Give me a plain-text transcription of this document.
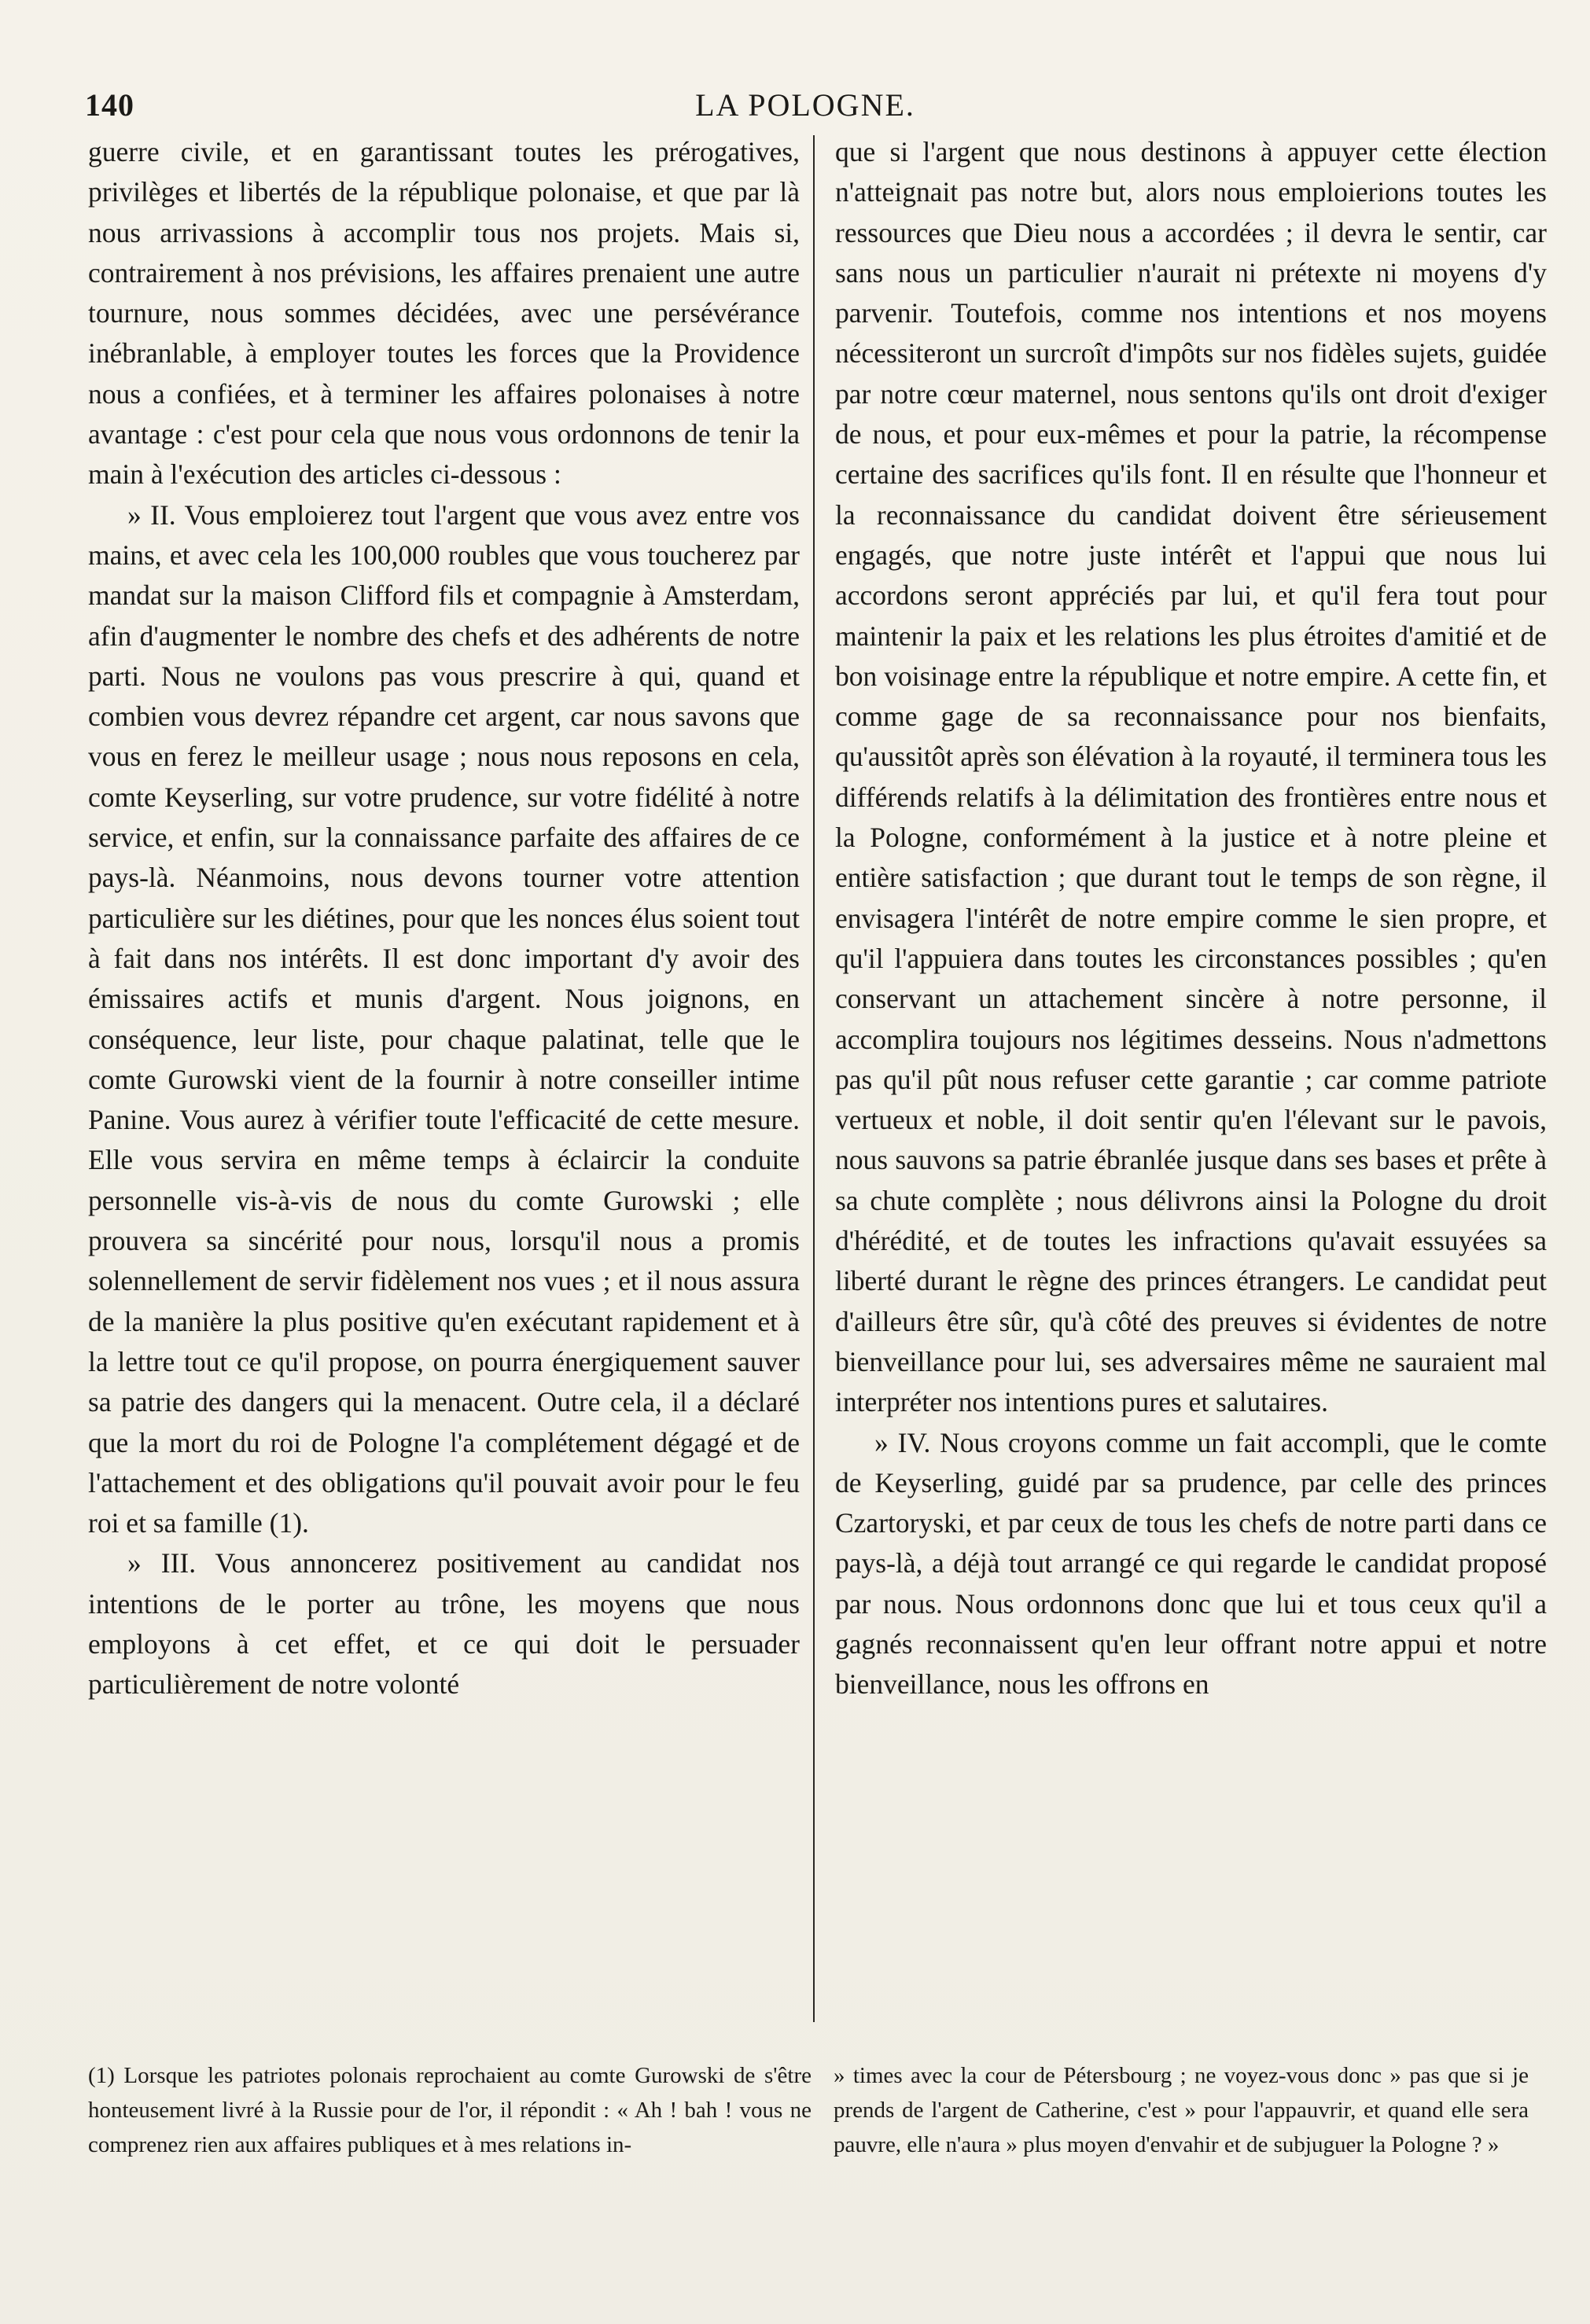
140	LA POLOGNE.

guerre civile, et en garantissant toutes les prérogatives, privilèges et libertés de la république polonaise, et que par là nous arrivassions à accomplir tous nos projets. Mais si, contrairement à nos prévisions, les affaires prenaient une autre tournure, nous sommes décidées, avec une persévérance inébranlable, à employer toutes les forces que la Providence nous a confiées, et à terminer les affaires polonaises à notre avantage : c'est pour cela que nous vous ordonnons de tenir la main à l'exécution des articles ci-dessous :

» II. Vous emploierez tout l'argent que vous avez entre vos mains, et avec cela les 100,000 roubles que vous toucherez par mandat sur la maison Clifford fils et compagnie à Amsterdam, afin d'augmenter le nombre des chefs et des adhérents de notre parti. Nous ne voulons pas vous prescrire à qui, quand et combien vous devrez répandre cet argent, car nous savons que vous en ferez le meilleur usage ; nous nous reposons en cela, comte Keyserling, sur votre prudence, sur votre fidélité à notre service, et enfin, sur la connaissance parfaite des affaires de ce pays-là. Néanmoins, nous devons tourner votre attention particulière sur les diétines, pour que les nonces élus soient tout à fait dans nos intérêts. Il est donc important d'y avoir des émissaires actifs et munis d'argent. Nous joignons, en conséquence, leur liste, pour chaque palatinat, telle que le comte Gurowski vient de la fournir à notre conseiller intime Panine. Vous aurez à vérifier toute l'efficacité de cette mesure. Elle vous servira en même temps à éclaircir la conduite personnelle vis-à-vis de nous du comte Gurowski ; elle prouvera sa sincérité pour nous, lorsqu'il nous a promis solennellement de servir fidèlement nos vues ; et il nous assura de la manière la plus positive qu'en exécutant rapidement et à la lettre tout ce qu'il propose, on pourra énergiquement sauver sa patrie des dangers qui la menacent. Outre cela, il a déclaré que la mort du roi de Pologne l'a complétement dégagé et de l'attachement et des obligations qu'il pouvait avoir pour le feu roi et sa famille (1).

» III. Vous annoncerez positivement au candidat nos intentions de le porter au trône, les moyens que nous employons à cet effet, et ce qui doit le persuader particulièrement de notre volonté

que si l'argent que nous destinons à appuyer cette élection n'atteignait pas notre but, alors nous emploierions toutes les ressources que Dieu nous a accordées ; il devra le sentir, car sans nous un particulier n'aurait ni prétexte ni moyens d'y parvenir. Toutefois, comme nos intentions et nos moyens nécessiteront un surcroît d'impôts sur nos fidèles sujets, guidée par notre cœur maternel, nous sentons qu'ils ont droit d'exiger de nous, et pour eux-mêmes et pour la patrie, la récompense certaine des sacrifices qu'ils font. Il en résulte que l'honneur et la reconnaissance du candidat doivent être sérieusement engagés, que notre juste intérêt et l'appui que nous lui accordons seront appréciés par lui, et qu'il fera tout pour maintenir la paix et les relations les plus étroites d'amitié et de bon voisinage entre la république et notre empire. A cette fin, et comme gage de sa reconnaissance pour nos bienfaits, qu'aussitôt après son élévation à la royauté, il terminera tous les différends relatifs à la délimitation des frontières entre nous et la Pologne, conformément à la justice et à notre pleine et entière satisfaction ; que durant tout le temps de son règne, il envisagera l'intérêt de notre empire comme le sien propre, et qu'il l'appuiera dans toutes les circonstances possibles ; qu'en conservant un attachement sincère à notre personne, il accomplira toujours nos légitimes desseins. Nous n'admettons pas qu'il pût nous refuser cette garantie ; car comme patriote vertueux et noble, il doit sentir qu'en l'élevant sur le pavois, nous sauvons sa patrie ébranlée jusque dans ses bases et prête à sa chute complète ; nous délivrons ainsi la Pologne du droit d'hérédité, et de toutes les infractions qu'avait essuyées sa liberté durant le règne des princes étrangers. Le candidat peut d'ailleurs être sûr, qu'à côté des preuves si évidentes de notre bienveillance pour lui, ses adversaires même ne sauraient mal interpréter nos intentions pures et salutaires.

» IV. Nous croyons comme un fait accompli, que le comte de Keyserling, guidé par sa prudence, par celle des princes Czartoryski, et par ceux de tous les chefs de notre parti dans ce pays-là, a déjà tout arrangé ce qui regarde le candidat proposé par nous. Nous ordonnons donc que lui et tous ceux qu'il a gagnés reconnaissent qu'en leur offrant notre appui et notre bienveillance, nous les offrons en

(1) Lorsque les patriotes polonais reprochaient au comte Gurowski de s'être honteusement livré à la Russie pour de l'or, il répondit : « Ah ! bah ! vous ne comprenez rien aux affaires publiques et à mes relations in-

» times avec la cour de Pétersbourg ; ne voyez-vous donc » pas que si je prends de l'argent de Catherine, c'est » pour l'appauvrir, et quand elle sera pauvre, elle n'aura » plus moyen d'envahir et de subjuguer la Pologne ? »
